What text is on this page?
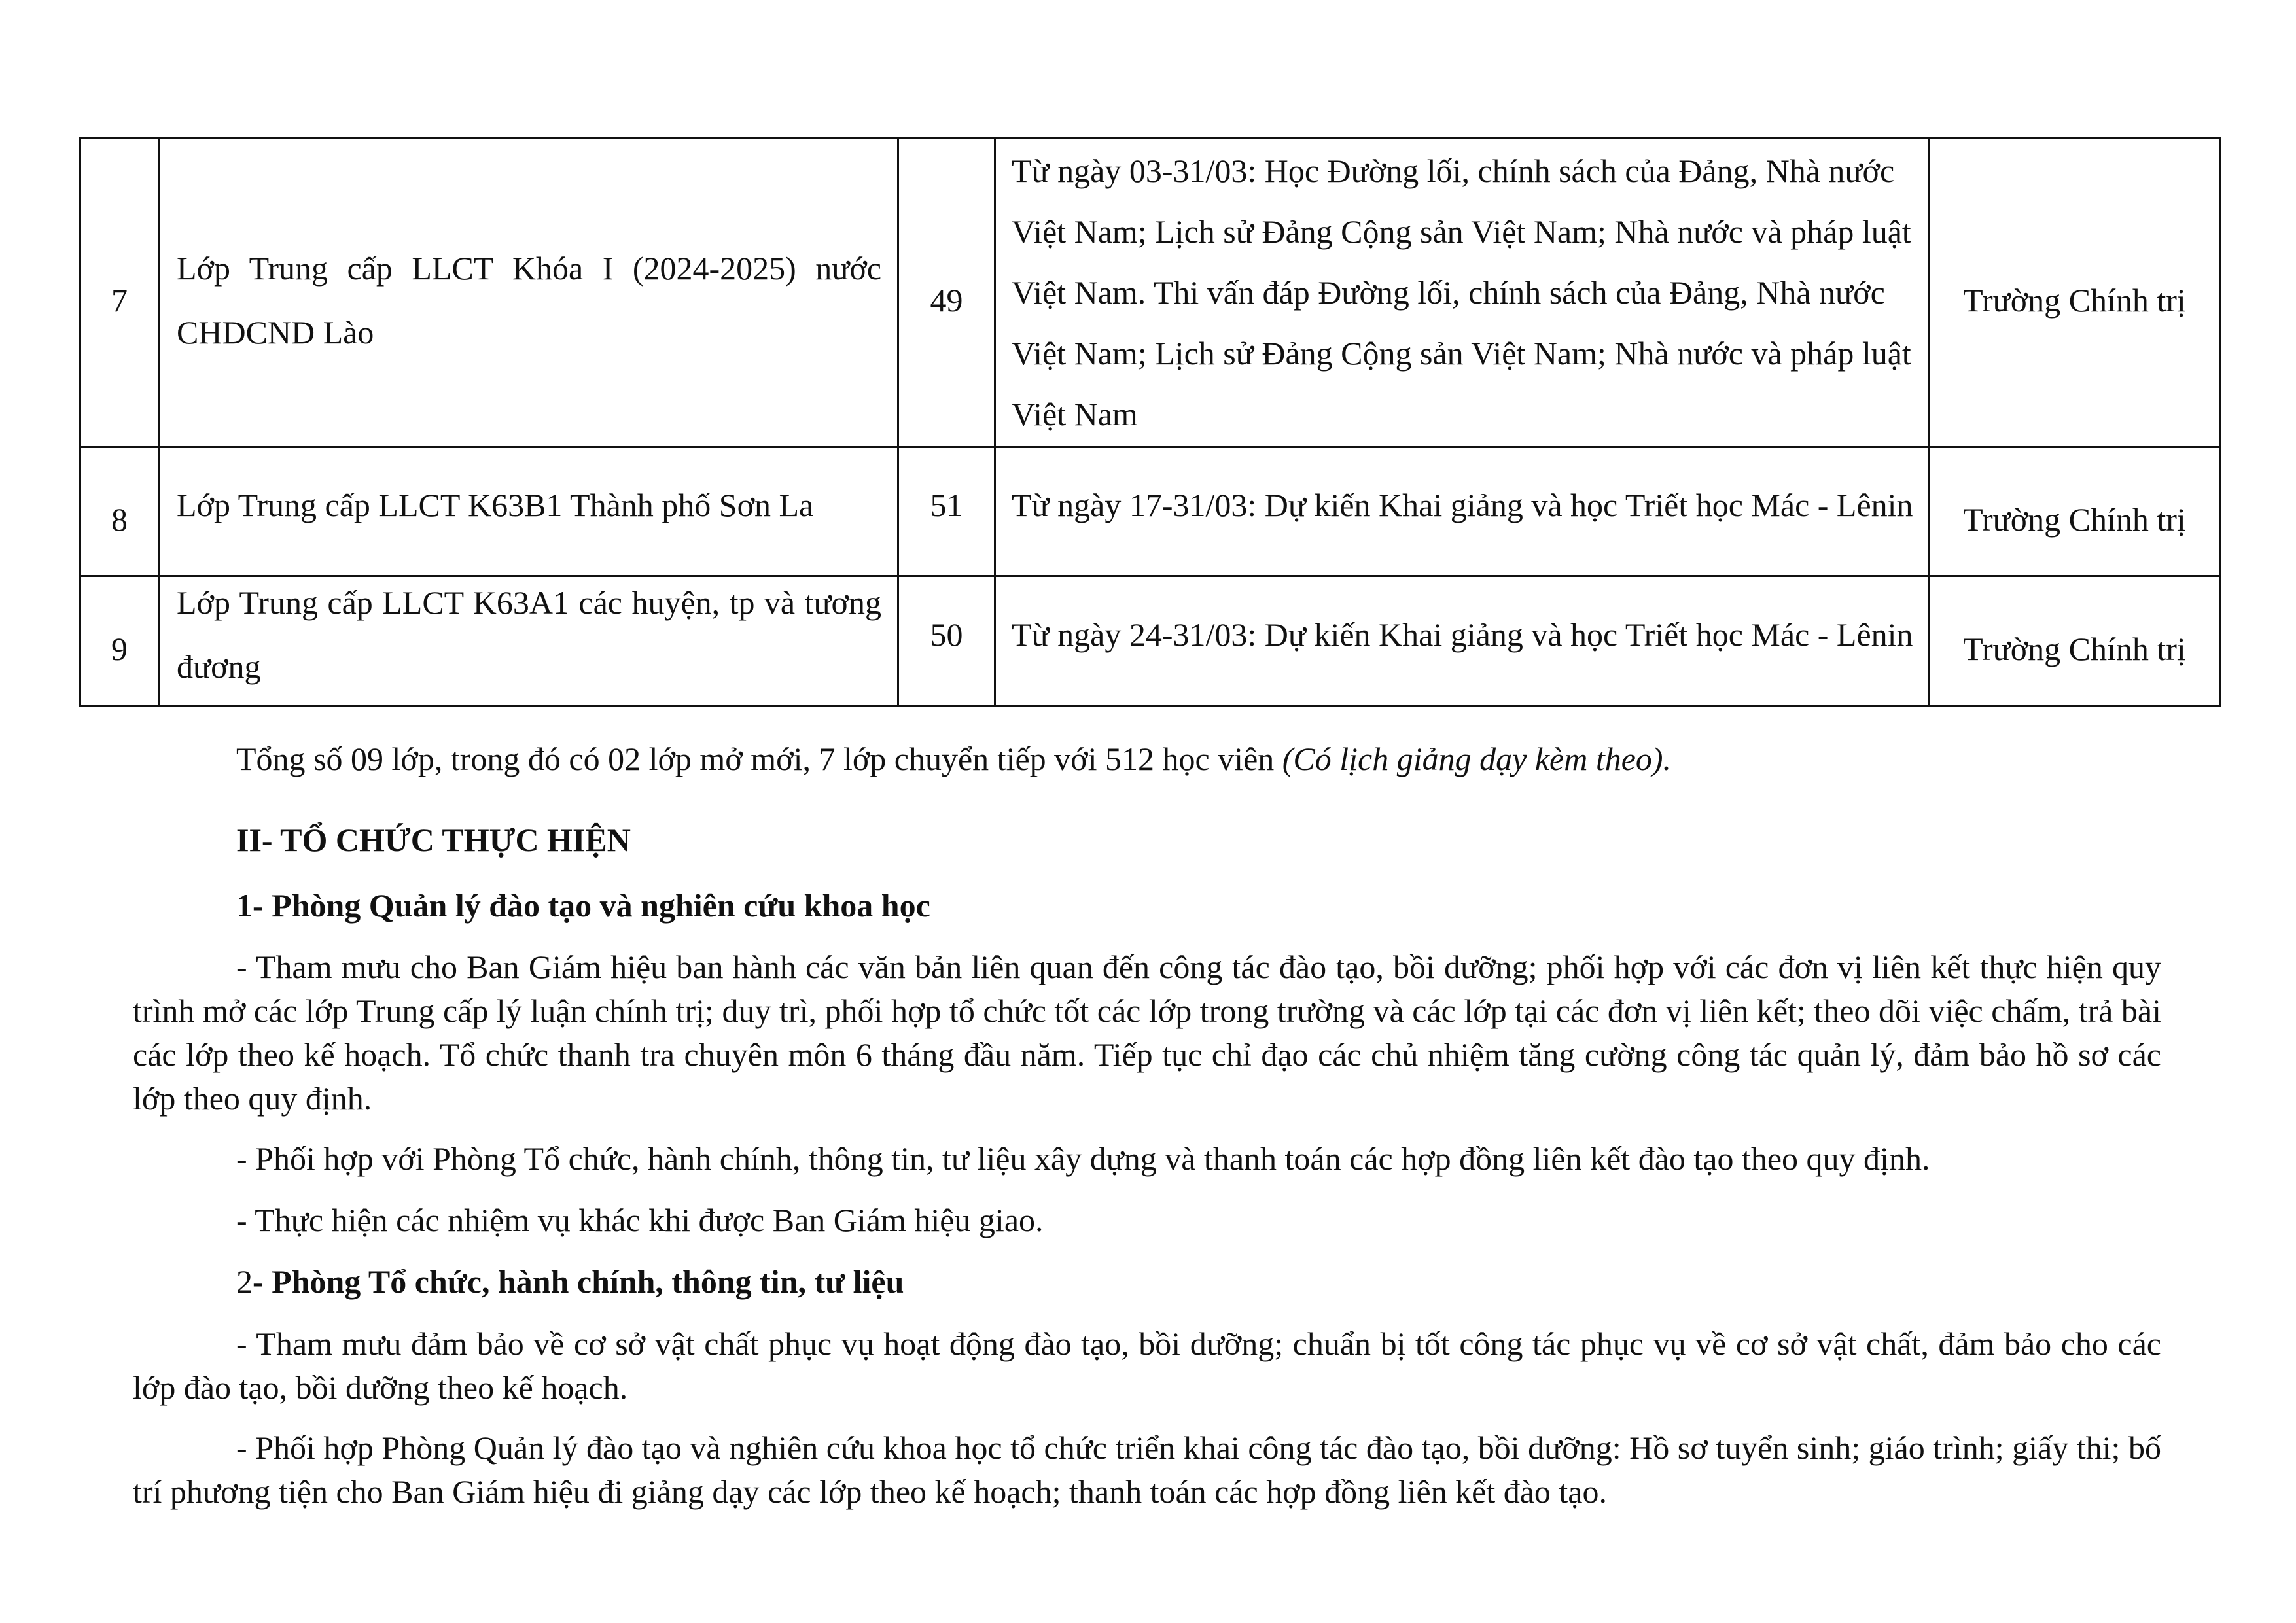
7	Lớp Trung cấp LLCT Khóa I (2024-2025) nước CHDCND Lào	49	Từ ngày 03-31/03: Học Đường lối, chính sách của Đảng, Nhà nước Việt Nam; Lịch sử Đảng Cộng sản Việt Nam; Nhà nước và pháp luật Việt Nam. Thi vấn đáp Đường lối, chính sách của Đảng, Nhà nước Việt Nam; Lịch sử Đảng Cộng sản Việt Nam; Nhà nước và pháp luật Việt Nam	Trường Chính trị

8	Lớp Trung cấp LLCT K63B1 Thành phố Sơn La	51	Từ ngày 17-31/03: Dự kiến Khai giảng và học Triết học Mác - Lênin	Trường Chính trị

9	Lớp Trung cấp LLCT K63A1 các huyện, tp và tương đương	50	Từ ngày 24-31/03: Dự kiến Khai giảng và học Triết học Mác - Lênin	Trường Chính trị

Tổng số 09 lớp, trong đó có 02 lớp mở mới, 7 lớp chuyển tiếp với 512 học viên (Có lịch giảng dạy kèm theo).

II- TỔ CHỨC THỰC HIỆN

1- Phòng Quản lý đào tạo và nghiên cứu khoa học

- Tham mưu cho Ban Giám hiệu ban hành các văn bản liên quan đến công tác đào tạo, bồi dưỡng; phối hợp với các đơn vị liên kết thực hiện quy trình mở các lớp Trung cấp lý luận chính trị; duy trì, phối hợp tổ chức tốt các lớp trong trường và các lớp tại các đơn vị liên kết; theo dõi việc chấm, trả bài các lớp theo kế hoạch. Tổ chức thanh tra chuyên môn 6 tháng đầu năm. Tiếp tục chỉ đạo các chủ nhiệm tăng cường công tác quản lý, đảm bảo hồ sơ các lớp theo quy định.

- Phối hợp với Phòng Tổ chức, hành chính, thông tin, tư liệu xây dựng và thanh toán các hợp đồng liên kết đào tạo theo quy định.

- Thực hiện các nhiệm vụ khác khi được Ban Giám hiệu giao.

2- Phòng Tổ chức, hành chính, thông tin, tư liệu

- Tham mưu đảm bảo về cơ sở vật chất phục vụ hoạt động đào tạo, bồi dưỡng; chuẩn bị tốt công tác phục vụ về cơ sở vật chất, đảm bảo cho các lớp đào tạo, bồi dưỡng theo kế hoạch.

- Phối hợp Phòng Quản lý đào tạo và nghiên cứu khoa học tổ chức triển khai công tác đào tạo, bồi dưỡng: Hồ sơ tuyển sinh; giáo trình; giấy thi; bố trí phương tiện cho Ban Giám hiệu đi giảng dạy các lớp theo kế hoạch; thanh toán các hợp đồng liên kết đào tạo.
